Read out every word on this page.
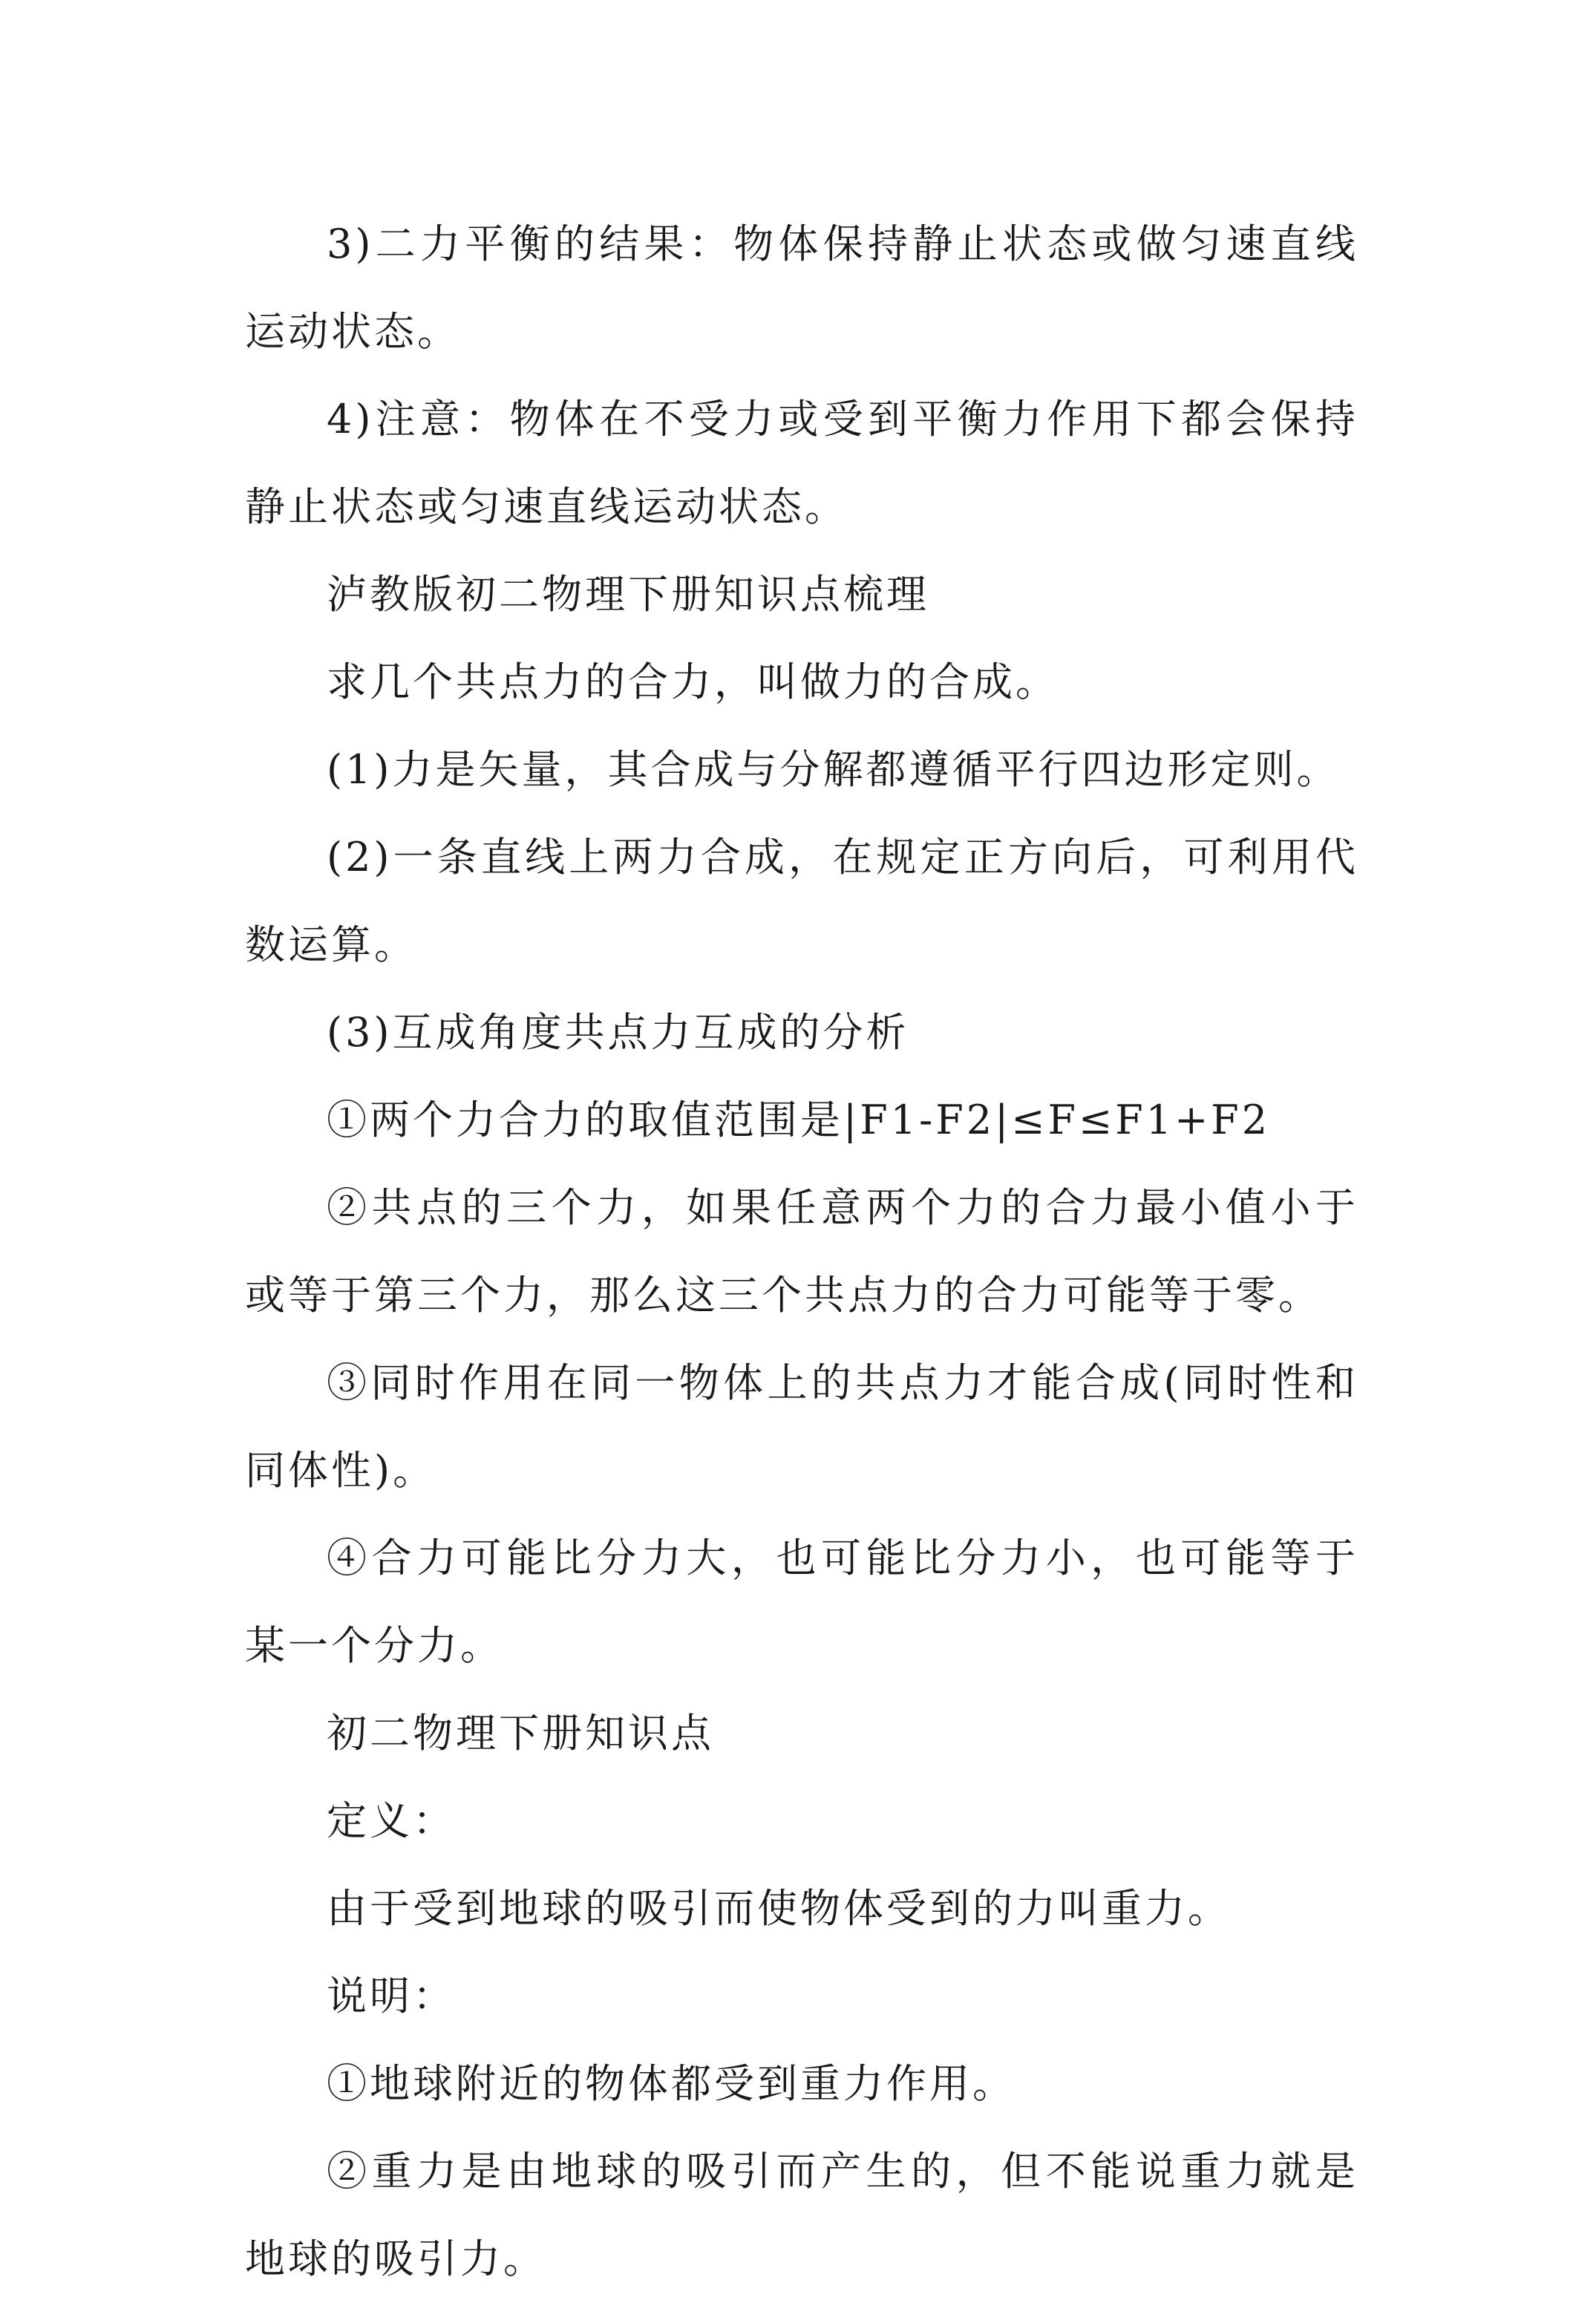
3)二力平衡的结果：物体保持静止状态或做匀速直线运动状态。

4)注意：物体在不受力或受到平衡力作用下都会保持静止状态或匀速直线运动状态。

泸教版初二物理下册知识点梳理

求几个共点力的合力，叫做力的合成。

(1)力是矢量，其合成与分解都遵循平行四边形定则。

(2)一条直线上两力合成，在规定正方向后，可利用代数运算。

(3)互成角度共点力互成的分析

①两个力合力的取值范围是|F1-F2|≤F≤F1+F2

②共点的三个力，如果任意两个力的合力最小值小于或等于第三个力，那么这三个共点力的合力可能等于零。

③同时作用在同一物体上的共点力才能合成(同时性和同体性)。

④合力可能比分力大，也可能比分力小，也可能等于某一个分力。

初二物理下册知识点

定义：

由于受到地球的吸引而使物体受到的力叫重力。

说明：

①地球附近的物体都受到重力作用。

②重力是由地球的吸引而产生的，但不能说重力就是地球的吸引力。
